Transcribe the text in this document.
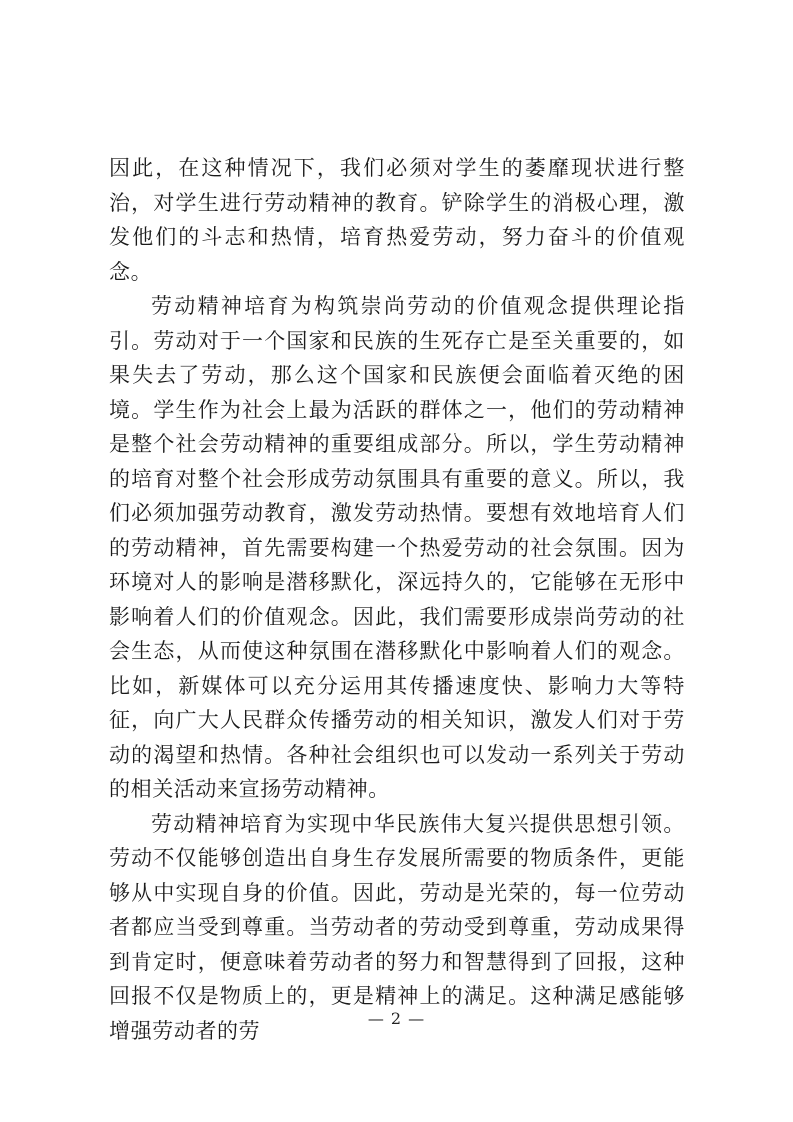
因此，在这种情况下，我们必须对学生的萎靡现状进行整治，对学生进行劳动精神的教育。铲除学生的消极心理，激发他们的斗志和热情，培育热爱劳动，努力奋斗的价值观念。

劳动精神培育为构筑崇尚劳动的价值观念提供理论指引。劳动对于一个国家和民族的生死存亡是至关重要的，如果失去了劳动，那么这个国家和民族便会面临着灭绝的困境。学生作为社会上最为活跃的群体之一，他们的劳动精神是整个社会劳动精神的重要组成部分。所以，学生劳动精神的培育对整个社会形成劳动氛围具有重要的意义。所以，我们必须加强劳动教育，激发劳动热情。要想有效地培育人们的劳动精神，首先需要构建一个热爱劳动的社会氛围。因为环境对人的影响是潜移默化，深远持久的，它能够在无形中影响着人们的价值观念。因此，我们需要形成崇尚劳动的社会生态，从而使这种氛围在潜移默化中影响着人们的观念。比如，新媒体可以充分运用其传播速度快、影响力大等特征，向广大人民群众传播劳动的相关知识，激发人们对于劳动的渴望和热情。各种社会组织也可以发动一系列关于劳动的相关活动来宣扬劳动精神。

劳动精神培育为实现中华民族伟大复兴提供思想引领。劳动不仅能够创造出自身生存发展所需要的物质条件，更能够从中实现自身的价值。因此，劳动是光荣的，每一位劳动者都应当受到尊重。当劳动者的劳动受到尊重，劳动成果得到肯定时，便意味着劳动者的努力和智慧得到了回报，这种回报不仅是物质上的，更是精神上的满足。这种满足感能够增强劳动者的劳	— 2 —
